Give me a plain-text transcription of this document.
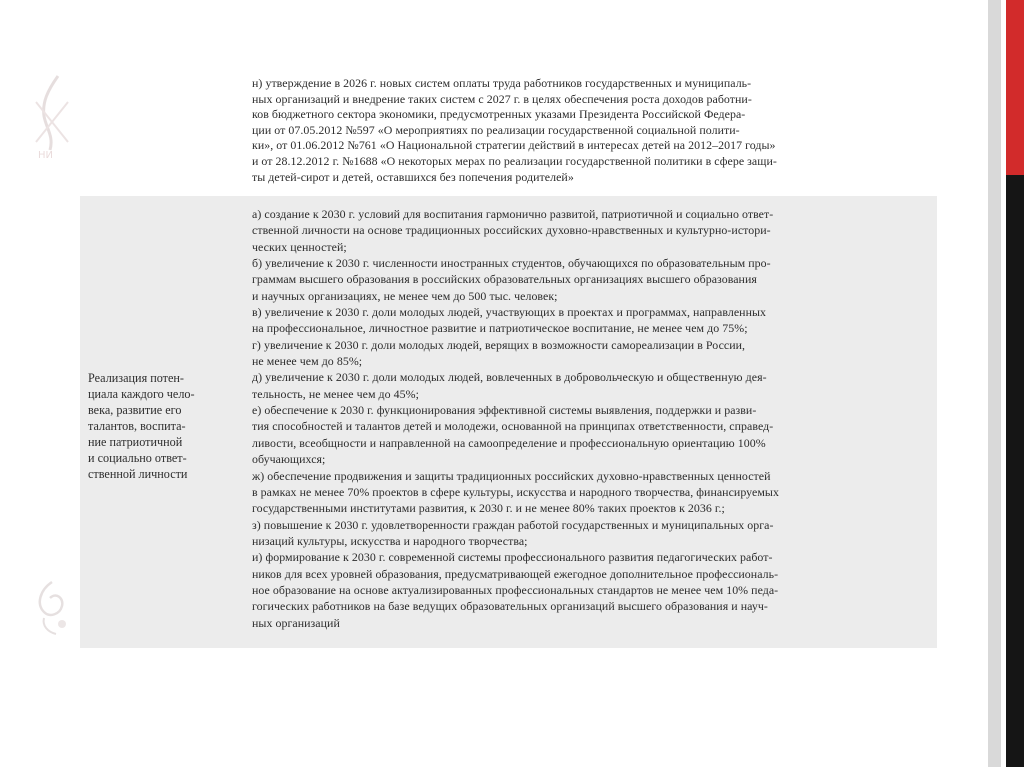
НИ

н) утверждение в 2026 г. новых систем оплаты труда работников государственных и муниципаль-
ных организаций и внедрение таких систем с 2027 г. в целях обеспечения роста доходов работни-
ков бюджетного сектора экономики, предусмотренных указами Президента Российской Федера-
ции от 07.05.2012 №597 «О мероприятиях по реализации государственной социальной полити-
ки», от 01.06.2012 №761 «О Национальной стратегии действий в интересах детей на 2012–2017 годы»
и от 28.12.2012 г. №1688 «О некоторых мерах по реализации государственной политики в сфере защи-
ты детей-сирот и детей, оставшихся без попечения родителей»

Реализация потен-
циала каждого чело-
века, развитие его
талантов, воспита-
ние патриотичной
и социально ответ-
ственной личности

а) создание к 2030 г. условий для воспитания гармонично развитой, патриотичной и социально ответ-
ственной личности на основе традиционных российских духовно-нравственных и культурно-истори-
ческих ценностей;
б) увеличение к 2030 г. численности иностранных студентов, обучающихся по образовательным про-
граммам высшего образования в российских образовательных организациях высшего образования
и научных организациях, не менее чем до 500 тыс. человек;
в) увеличение к 2030 г. доли молодых людей, участвующих в проектах и программах, направленных
на профессиональное, личностное развитие и патриотическое воспитание, не менее чем до 75%;
г) увеличение к 2030 г. доли молодых людей, верящих в возможности самореализации в России,
не менее чем до 85%;
д) увеличение к 2030 г. доли молодых людей, вовлеченных в добровольческую и общественную дея-
тельность, не менее чем до 45%;
е) обеспечение к 2030 г. функционирования эффективной системы выявления, поддержки и разви-
тия способностей и талантов детей и молодежи, основанной на принципах ответственности, справед-
ливости, всеобщности и направленной на самоопределение и профессиональную ориентацию 100%
обучающихся;
ж) обеспечение продвижения и защиты традиционных российских духовно-нравственных ценностей
в рамках не менее 70% проектов в сфере культуры, искусства и народного творчества, финансируемых
государственными институтами развития, к 2030 г. и не менее 80% таких проектов к 2036 г.;
з) повышение к 2030 г. удовлетворенности граждан работой государственных и муниципальных орга-
низаций культуры, искусства и народного творчества;
и) формирование к 2030 г. современной системы профессионального развития педагогических работ-
ников для всех уровней образования, предусматривающей ежегодное дополнительное профессиональ-
ное образование на основе актуализированных профессиональных стандартов не менее чем 10% педа-
гогических работников на базе ведущих образовательных организаций высшего образования и науч-
ных организаций
